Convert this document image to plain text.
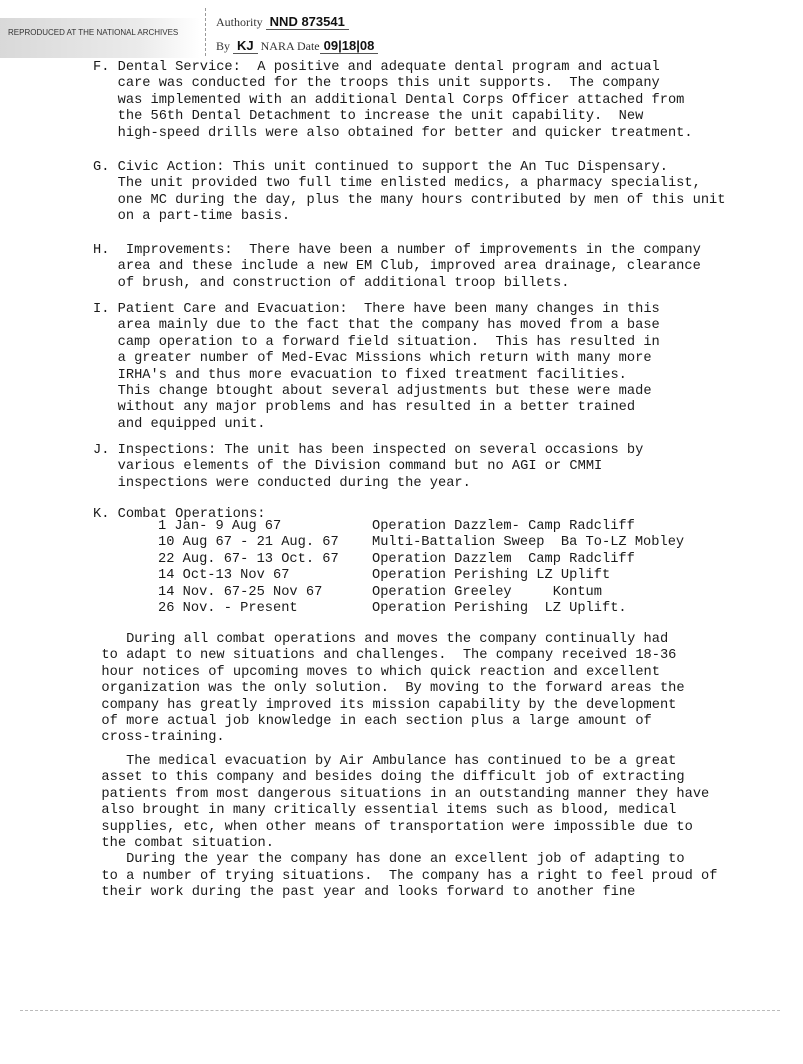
REPRODUCED AT THE NATIONAL ARCHIVES
Authority NND 873541
By KJ NARA Date 09|18|08
F. Dental Service:  A positive and adequate dental program and actual
care was conducted for the troops this unit supports.  The company
was implemented with an additional Dental Corps Officer attached from
the 56th Dental Detachment to increase the unit capability.  New
high-speed drills were also obtained for better and quicker treatment.
G. Civic Action: This unit continued to support the An Tuc Dispensary.
The unit provided two full time enlisted medics, a pharmacy specialist,
one MC during the day, plus the many hours contributed by men of this unit
on a part-time basis.
H.  Improvements:  There have been a number of improvements in the company
area and these include a new EM Club, improved area drainage, clearance
of brush, and construction of additional troop billets.
I. Patient Care and Evacuation:  There have been many changes in this
area mainly due to the fact that the company has moved from a base
camp operation to a forward field situation.  This has resulted in
a greater number of Med-Evac Missions which return with many more
IRHA's and thus more evacuation to fixed treatment facilities.
This change btought about several adjustments but these were made
without any major problems and has resulted in a better trained
and equipped unit.
J. Inspections: The unit has been inspected on several occasions by
various elements of the Division command but no AGI or CMMI
inspections were conducted during the year.
K. Combat Operations:
1 Jan- 9 Aug 67
10 Aug 67 - 21 Aug. 67
22 Aug. 67- 13 Oct. 67
14 Oct-13 Nov 67
14 Nov. 67-25 Nov 67
26 Nov. - Present
Operation Dazzlem- Camp Radcliff
Multi-Battalion Sweep  Ba To-LZ Mobley
Operation Dazzlem  Camp Radcliff
Operation Perishing LZ Uplift
Operation Greeley     Kontum
Operation Perishing  LZ Uplift.
During all combat operations and moves the company continually had
to adapt to new situations and challenges.  The company received 18-36
hour notices of upcoming moves to which quick reaction and excellent
organization was the only solution.  By moving to the forward areas the
company has greatly improved its mission capability by the development
of more actual job knowledge in each section plus a large amount of
cross-training.
The medical evacuation by Air Ambulance has continued to be a great
asset to this company and besides doing the difficult job of extracting
patients from most dangerous situations in an outstanding manner they have
also brought in many critically essential items such as blood, medical
supplies, etc, when other means of transportation were impossible due to
the combat situation.
During the year the company has done an excellent job of adapting to
to a number of trying situations.  The company has a right to feel proud of
their work during the past year and looks forward to another fine
